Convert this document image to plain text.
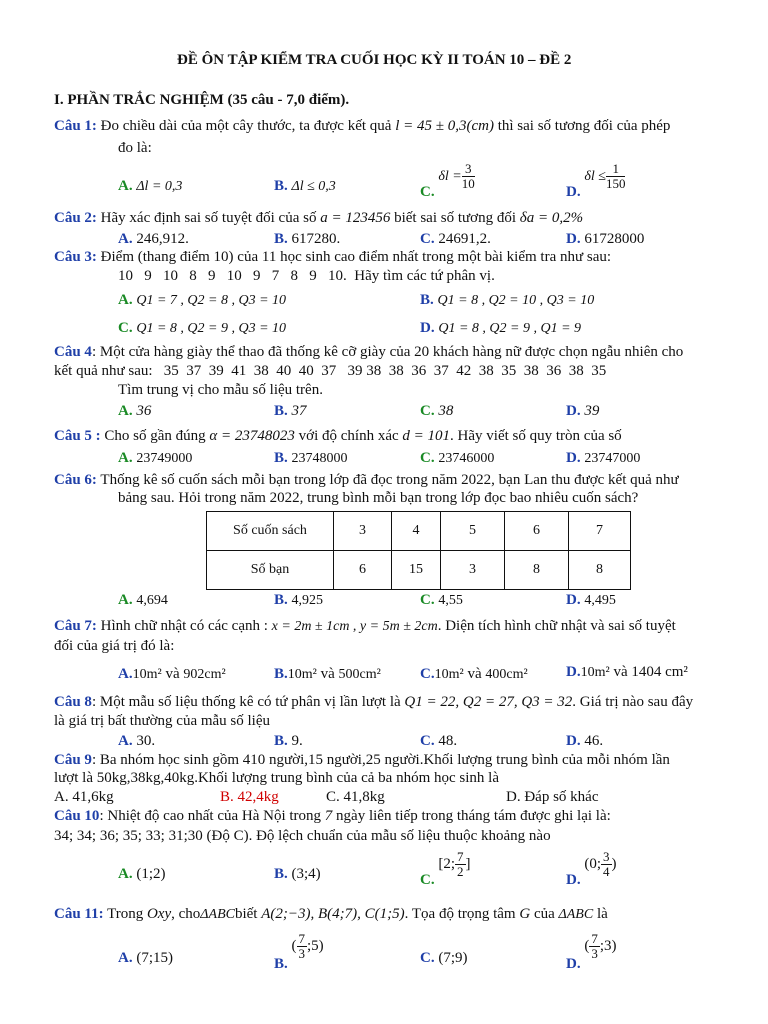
ĐỀ ÔN TẬP KIỂM TRA CUỐI HỌC KỲ II TOÁN 10 – ĐỀ 2
I. PHẦN TRẮC NGHIỆM (35 câu - 7,0 điểm).
Câu 1: Đo chiều dài của một cây thước, ta được kết quả l = 45 ± 0,3(cm) thì sai số tương đối của phép
đo là:
A. Δl = 0,3	B. Δl ≤ 0,3	C. $\delta l = \frac{3}{10}$
D. $\delta l \le \frac{1}{150}$
Câu 2: Hãy xác định sai số tuyệt đối của số a = 123456 biết sai số tương đối δa = 0,2%
A. 246,912.	B. 617280.	C. 24691,2.	D. 61728000
Câu 3: Điểm (thang điểm 10) của 11 học sinh cao điểm nhất trong một bài kiểm tra như sau:
10   9   10   8   9   10   9   7   8   9   10.  Hãy tìm các tứ phân vị.
A. Q1 = 7 , Q2 = 8 , Q3 = 10	B. Q1 = 8 , Q2 = 10 , Q3 = 10
C. Q1 = 8 , Q2 = 9 , Q3 = 10	D. Q1 = 8 , Q2 = 9 , Q1 = 9
Câu 4: Một cửa hàng giày thể thao đã thống kê cỡ giày của 20 khách hàng nữ được chọn ngẫu nhiên cho
kết quả như sau:   35  37  39  41  38  40  40  37   39 38  38  36  37  42  38  35  38  36  38  35
Tìm trung vị cho mẫu số liệu trên.
A. 36	B. 37	C. 38	D. 39
Câu 5 : Cho số gần đúng α = 23748023 với độ chính xác d = 101. Hãy viết số quy tròn của số
A. 23749000	B. 23748000	C. 23746000	D. 23747000
Câu 6: Thống kê số cuốn sách mỗi bạn trong lớp đã đọc trong năm 2022, bạn Lan thu được kết quả như
bảng sau. Hỏi trong năm 2022, trung bình mỗi bạn trong lớp đọc bao nhiêu cuốn sách?
Số cuốn sách	3	4	5	6	7
Số bạn	6	15	3	8	8
A. 4,694	B. 4,925	C. 4,55	D. 4,495
Câu 7: Hình chữ nhật có các cạnh : x = 2m ± 1cm , y = 5m ± 2cm. Diện tích hình chữ nhật và sai số tuyệt
đối của giá trị đó là:
A.10m² và 902cm²	B.10m² và 500cm²	C.10m² và 400cm²	D.10m² và 1404 cm²
Câu 8: Một mẫu số liệu thống kê có tứ phân vị lần lượt là Q1 = 22, Q2 = 27, Q3 = 32. Giá trị nào sau đây
là giá trị bất thường của mẫu số liệu
A. 30.	B. 9.	C. 48.	D. 46.
Câu 9: Ba nhóm học sinh gồm 410 người,15 người,25 người.Khối lượng trung bình của mỗi nhóm lần
lượt là 50kg,38kg,40kg.Khối lượng trung bình của cả ba nhóm học sinh là
A. 41,6kg	B. 42,4kg	C. 41,8kg	D. Đáp số khác
Câu 10: Nhiệt độ cao nhất của Hà Nội trong 7 ngày liên tiếp trong tháng tám được ghi lại là:
34; 34; 36; 35; 33; 31;30 (Độ C). Độ lệch chuẩn của mẫu số liệu thuộc khoảng nào
A. (1;2)	B. (3;4)	C. [2; $\frac{7}{2}$ ]
D. (0; $\frac{3}{4}$ )
Câu 11: Trong Oxy, choΔABCbiết A(2;−3), B(4;7), C(1;5). Tọa độ trọng tâm G của ΔABC là
A. (7;15)	B. ( $\frac{7}{3}$ ;5)
C. (7;9)	D. ( $\frac{7}{3}$ ;3)
